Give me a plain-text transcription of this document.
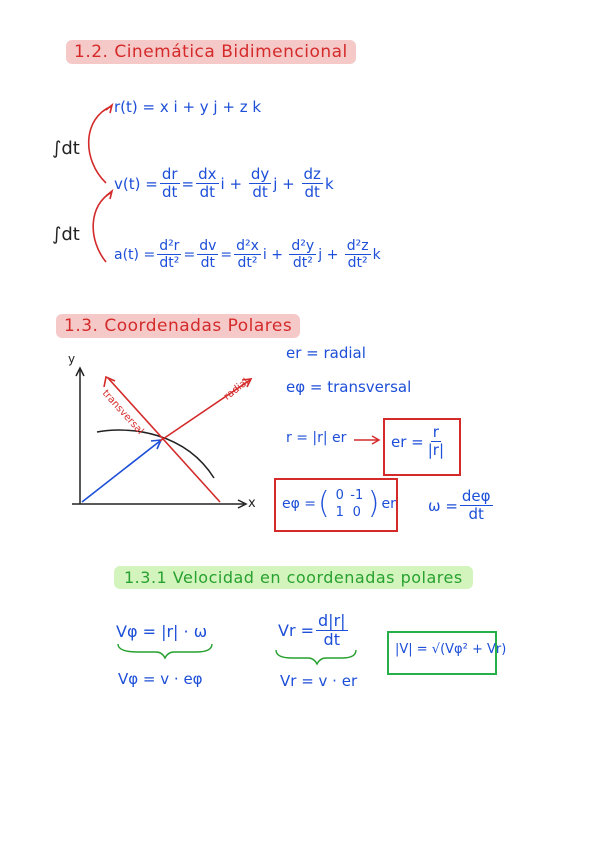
1.2. Cinemática Bidimencional
∫dt
∫dt
r(t) = x i + y j + z k
$v(t) = \frac{dr}{dt} = \frac{dx}{dt}$ i
+
$\frac{dy}{dt}$ j
+
$\frac{dz}{dt}$ k
$a(t) = \frac{\text{d²r}}{\text{dt²}} = \frac{dv}{dt} = \frac{\text{d²x}}{\text{dt²}}$ i
+
$\frac{\text{d²y}}{\text{dt²}}$ j
+
$\frac{\text{d²z}}{\text{dt²}}$ k
1.3. Coordenadas Polares
y
x
transversal	radial
er = radial
eφ = transversal
r = |r| er	er = $\frac{r}{|r|}$
eφ = ( 0 -1
1 0 ) er $\omega = \frac{\text{deφ}}{dt}$
1.3.1 Velocidad en coordenadas polares
Vφ = |r| · ω	$Vr = \frac{d|r|}{dt}$
Vφ = v · eφ	Vr = v · er
|V| = √(Vφ² + Vr)
